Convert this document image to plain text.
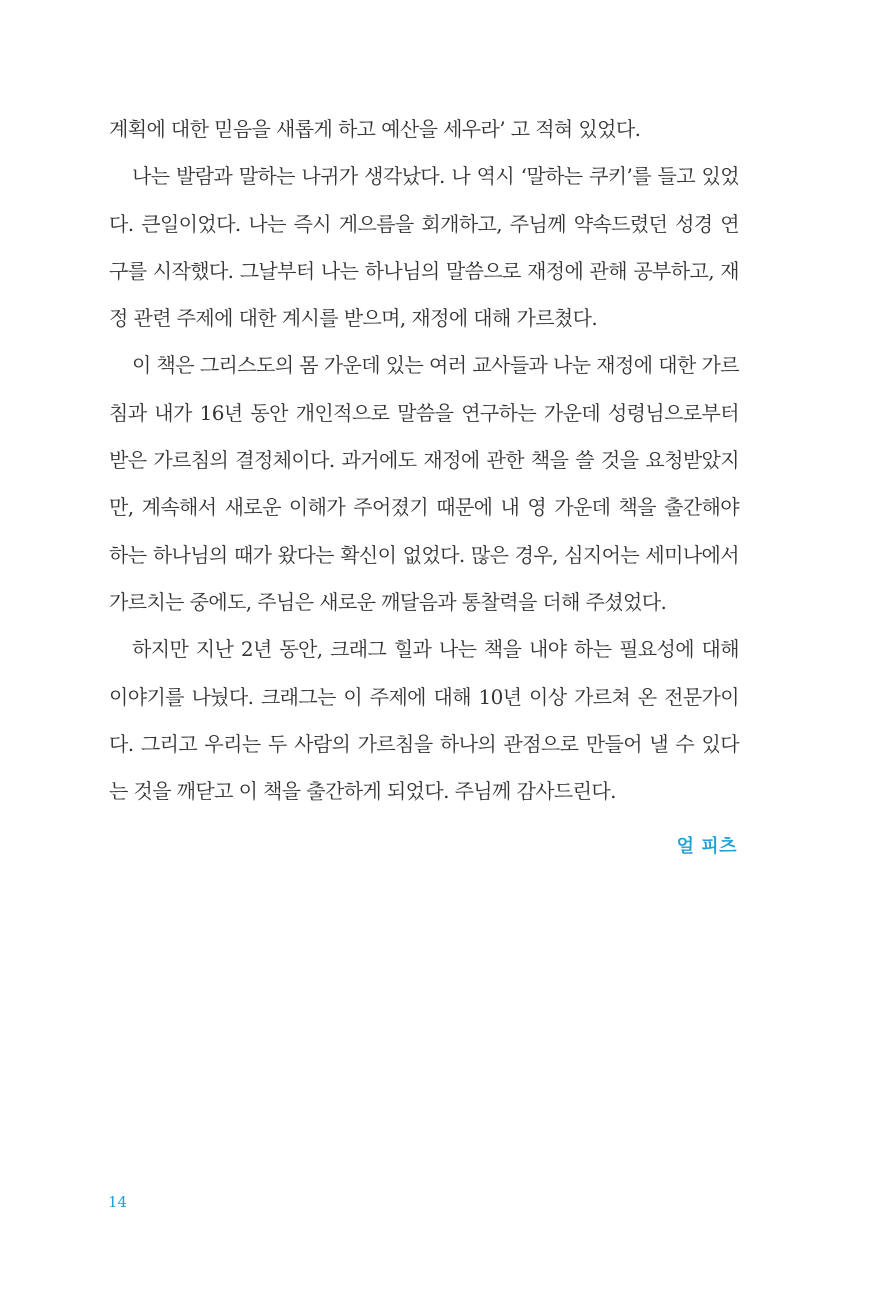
계획에 대한 믿음을 새롭게 하고 예산을 세우라’ 고 적혀 있었다.

나는 발람과 말하는 나귀가 생각났다. 나 역시 ‘말하는 쿠키’를 들고 있었다. 큰일이었다. 나는 즉시 게으름을 회개하고, 주님께 약속드렸던 성경 연구를 시작했다. 그날부터 나는 하나님의 말씀으로 재정에 관해 공부하고, 재정 관련 주제에 대한 계시를 받으며, 재정에 대해 가르쳤다.

이 책은 그리스도의 몸 가운데 있는 여러 교사들과 나눈 재정에 대한 가르침과 내가 16년 동안 개인적으로 말씀을 연구하는 가운데 성령님으로부터 받은 가르침의 결정체이다. 과거에도 재정에 관한 책을 쓸 것을 요청받았지만, 계속해서 새로운 이해가 주어졌기 때문에 내 영 가운데 책을 출간해야 하는 하나님의 때가 왔다는 확신이 없었다. 많은 경우, 심지어는 세미나에서 가르치는 중에도, 주님은 새로운 깨달음과 통찰력을 더해 주셨었다.

하지만 지난 2년 동안, 크래그 힐과 나는 책을 내야 하는 필요성에 대해 이야기를 나눴다. 크래그는 이 주제에 대해 10년 이상 가르쳐 온 전문가이다. 그리고 우리는 두 사람의 가르침을 하나의 관점으로 만들어 낼 수 있다는 것을 깨닫고 이 책을 출간하게 되었다. 주님께 감사드린다.

얼 피츠
14
